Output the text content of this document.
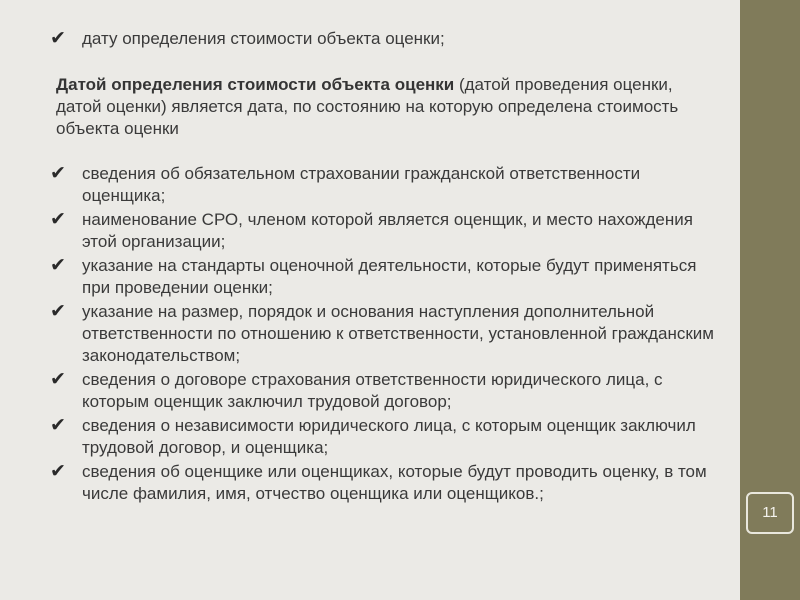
11
✔ дату определения стоимости объекта оценки;
Датой определения стоимости объекта оценки (датой проведения оценки, датой оценки) является дата, по состоянию на которую определена стоимость объекта оценки
✔ сведения об обязательном страховании гражданской ответственности оценщика;
✔ наименование СРО, членом которой является оценщик, и место нахождения этой организации;
✔ указание на стандарты оценочной деятельности, которые будут применяться при проведении оценки;
✔ указание на размер, порядок и основания наступления дополнительной ответственности по отношению к ответственности, установленной гражданским законодательством;
✔ сведения о договоре страхования ответственности юридического лица, с которым оценщик заключил трудовой договор;
✔ сведения о независимости юридического лица, с которым оценщик заключил трудовой договор, и оценщика;
✔ сведения об оценщике или оценщиках, которые будут проводить оценку, в том числе фамилия, имя, отчество оценщика или оценщиков.;
